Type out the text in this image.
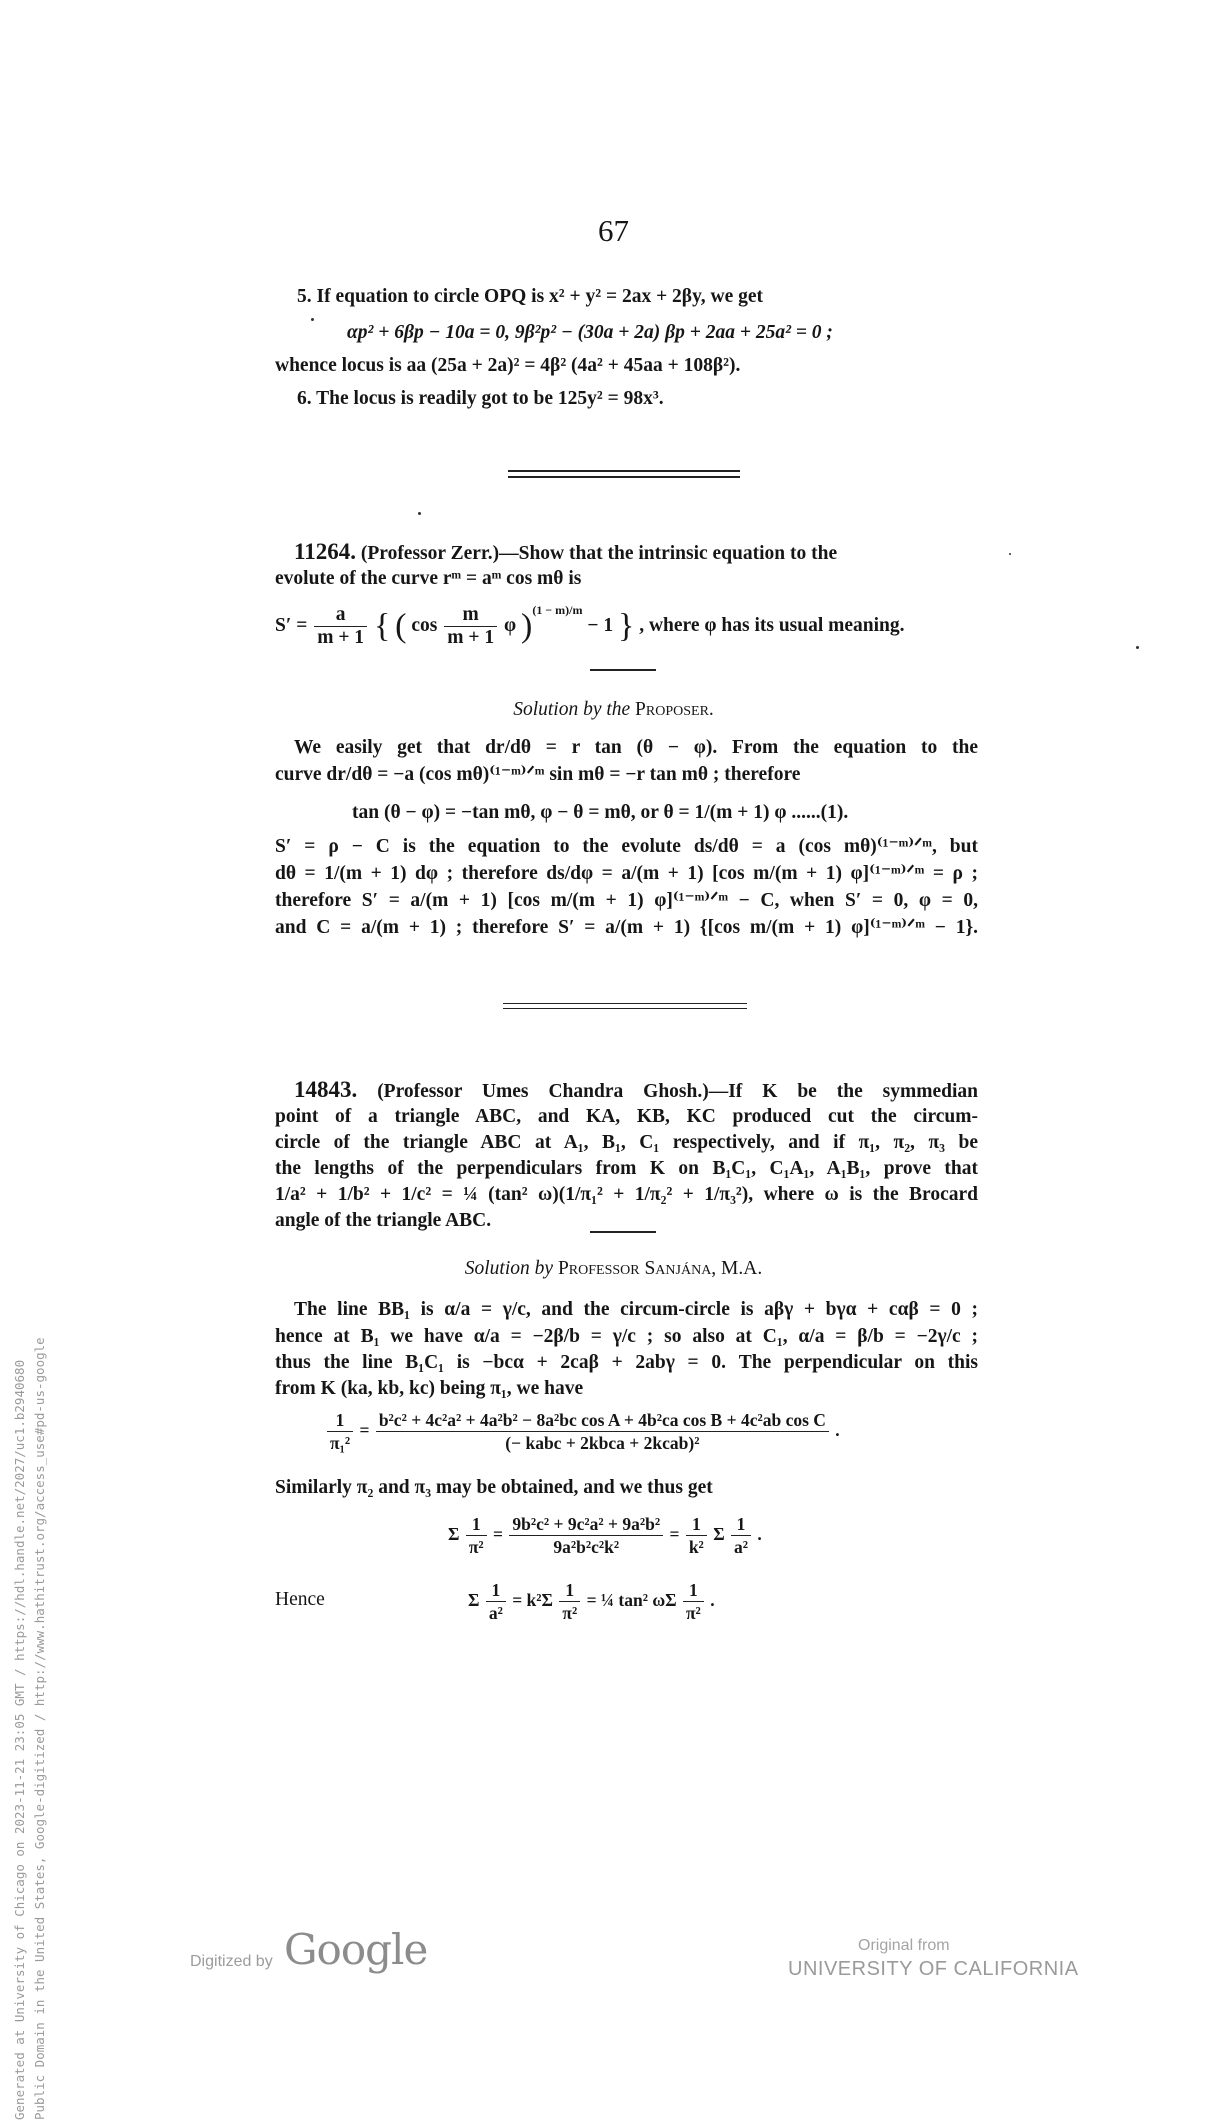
67
5. If equation to circle OPQ is x² + y² = 2ax + 2βy, we get
αp² + 6βp − 10a = 0, 9β²p² − (30a + 2a) βp + 2aa + 25a² = 0 ;
whence locus is aa (25a + 2a)² = 4β² (4a² + 45aa + 108β²).
6. The locus is readily got to be 125y² = 98x³.
11264. (Professor Zerr.)—Show that the intrinsic equation to the
evolute of the curve rᵐ = aᵐ cos mθ is
$S' = \frac{a}{m + 1}$ { ( $\cos \frac{m}{m + 1}$ φ )$^{(1 - m)/m}$ − 1 } , where φ has its usual meaning.
Solution by the Proposer.
We easily get that dr/dθ = r tan (θ − φ). From the equation to the
curve dr/dθ = −a (cos mθ)⁽¹⁻ᵐ⁾ᐟᵐ sin mθ = −r tan mθ ; therefore
tan (θ − φ) = −tan mθ, φ − θ = mθ, or θ = 1/(m + 1) φ ......(1).
S′ = ρ − C is the equation to the evolute ds/dθ = a (cos mθ)⁽¹⁻ᵐ⁾ᐟᵐ, but
dθ = 1/(m + 1) dφ ; therefore ds/dφ = a/(m + 1) [cos m/(m + 1) φ]⁽¹⁻ᵐ⁾ᐟᵐ = ρ ;
therefore S′ = a/(m + 1) [cos m/(m + 1) φ]⁽¹⁻ᵐ⁾ᐟᵐ − C, when S′ = 0, φ = 0,
and C = a/(m + 1) ; therefore S′ = a/(m + 1) {[cos m/(m + 1) φ]⁽¹⁻ᵐ⁾ᐟᵐ − 1}.
14843. (Professor Umes Chandra Ghosh.)—If K be the symmedian
point of a triangle ABC, and KA, KB, KC produced cut the circum-
circle of the triangle ABC at A₁, B₁, C₁ respectively, and if π₁, π₂, π₃ be
the lengths of the perpendiculars from K on B₁C₁, C₁A₁, A₁B₁, prove that
1/a² + 1/b² + 1/c² = ¼ (tan² ω)(1/π₁² + 1/π₂² + 1/π₃²), where ω is the Brocard
angle of the triangle ABC.
Solution by Professor Sanjána, M.A.
The line BB₁ is α/a = γ/c, and the circum-circle is aβγ + bγα + cαβ = 0 ;
hence at B₁ we have α/a = −2β/b = γ/c ; so also at C₁, α/a = β/b = −2γ/c ;
thus the line B₁C₁ is −bcα + 2caβ + 2abγ = 0. The perpendicular on this
from K (ka, kb, kc) being π₁, we have
$\frac{1}{\text{π₁²}} = b^2c^2 + 4c^2a^2 + 4a^2b^2 - 8a^2bc$ cos A + 4b²ca cos B + 4c²ab cos C
(− kabc + 2kbca + 2kcab)²
.
Similarly π₂ and π₃ may be obtained, and we thus get
Σ $\frac{1}{\text{π²}} = \frac{\text{9b²c² + 9c²a² + 9a²b²}}{\text{9a²b²c²k²}} = \frac{1}{\text{k²}}$ Σ $\frac{1}{\text{a²}}$ .
Hence	Σ $\frac{1}{\text{a²}} = k^2\Sigma \frac{1}{\text{π²}}$ = ¼ tan² ωΣ $\frac{1}{\text{π²}}$ .
Generated at University of Chicago on 2023-11-21 23:05 GMT / https://hdl.handle.net/2027/uc1.b2940680 Public Domain in the United States, Google-digitized / http://www.hathitrust.org/access_use#pd-us-google	Digitized by Google	Original from
UNIVERSITY OF CALIFORNIA
